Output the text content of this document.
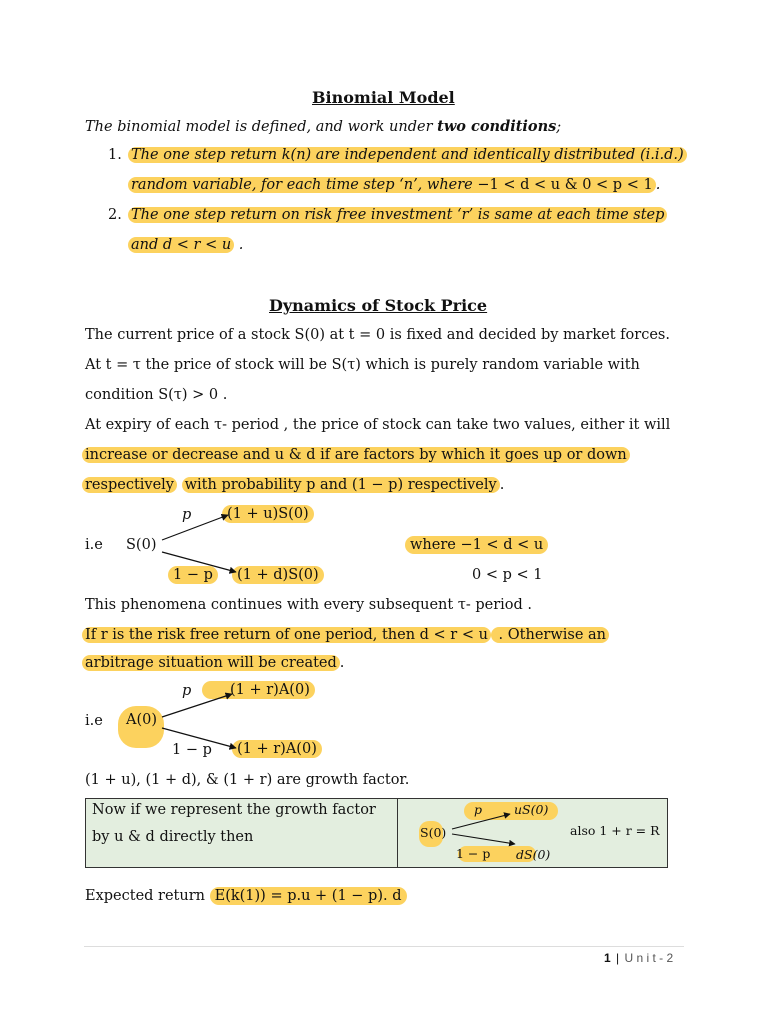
Binomial Model
The binomial model is defined, and work under two conditions;
1. The one step return k(n) are independent and identically distributed (i.i.d.)
random variable, for each time step ‘n’, where −1 < d < u & 0 < p < 1 .
2. The one step return on risk free investment ‘r’ is same at each time step
and d < r < u .
Dynamics of Stock Price
The current price of a stock S(0) at t = 0 is fixed and decided by market forces.
At t = τ the price of stock will be S(τ) which is purely random variable with
condition S(τ) > 0 .
At expiry of each τ- period , the price of stock can take two values, either it will
increase or decrease and u & d if are factors by which it goes up or down
respectively with probability p and (1 − p) respectively .
p	(1 + u)S(0)
i.e S(0)
1 − p	(1 + d)S(0)
where −1 < d < u
0 < p < 1
This phenomena continues with every subsequent τ- period .
If r is the risk free return of one period, then d < r < u . Otherwise an
arbitrage situation will be created .
p	(1 + r)A(0)
i.e A(0)
1 − p	(1 + r)A(0)
(1 + u), (1 + d), & (1 + r) are growth factor.
Now if we represent the growth factor
by u & d directly then
p	uS(0)
S(0)
1 − p dS(0)
also 1 + r = R
Expected return E(k(1)) = p.u + (1 − p). d
1 | U n i t - 2
